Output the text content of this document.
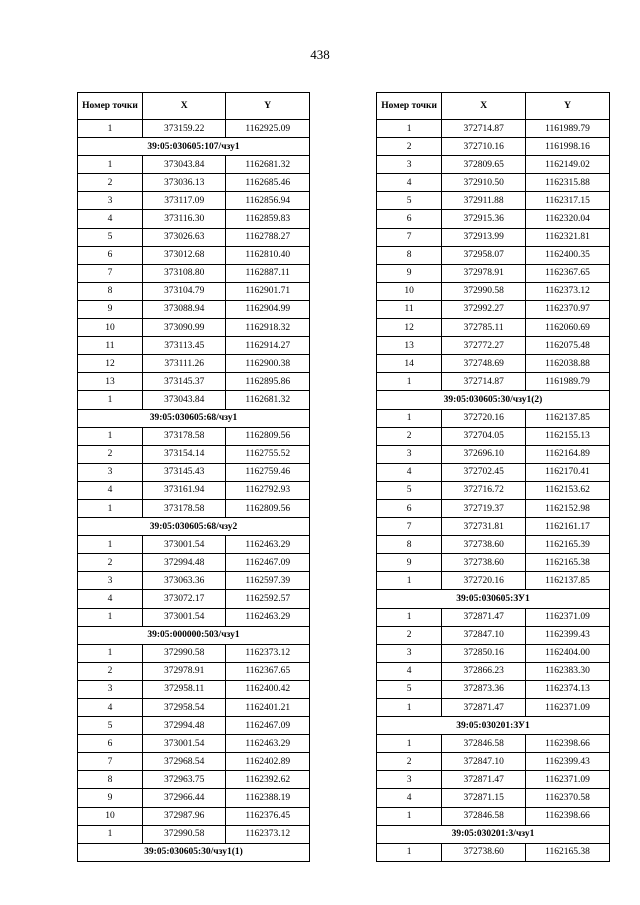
438
Номер точки	X	Y
1	373159.22	1162925.09
39:05:030605:107/чзу1		
1	373043.84	1162681.32
2	373036.13	1162685.46
3	373117.09	1162856.94
4	373116.30	1162859.83
5	373026.63	1162788.27
6	373012.68	1162810.40
7	373108.80	1162887.11
8	373104.79	1162901.71
9	373088.94	1162904.99
10	373090.99	1162918.32
11	373113.45	1162914.27
12	373111.26	1162900.38
13	373145.37	1162895.86
1	373043.84	1162681.32
39:05:030605:68/чзу1		
1	373178.58	1162809.56
2	373154.14	1162755.52
3	373145.43	1162759.46
4	373161.94	1162792.93
1	373178.58	1162809.56
39:05:030605:68/чзу2		
1	373001.54	1162463.29
2	372994.48	1162467.09
3	373063.36	1162597.39
4	373072.17	1162592.57
1	373001.54	1162463.29
39:05:000000:503/чзу1		
1	372990.58	1162373.12
2	372978.91	1162367.65
3	372958.11	1162400.42
4	372958.54	1162401.21
5	372994.48	1162467.09
6	373001.54	1162463.29
7	372968.54	1162402.89
8	372963.75	1162392.62
9	372966.44	1162388.19
10	372987.96	1162376.45
1	372990.58	1162373.12
39:05:030605:30/чзу1(1)		
Номер точки	X	Y
1	372714.87	1161989.79
2	372710.16	1161998.16
3	372809.65	1162149.02
4	372910.50	1162315.88
5	372911.88	1162317.15
6	372915.36	1162320.04
7	372913.99	1162321.81
8	372958.07	1162400.35
9	372978.91	1162367.65
10	372990.58	1162373.12
11	372992.27	1162370.97
12	372785.11	1162060.69
13	372772.27	1162075.48
14	372748.69	1162038.88
1	372714.87	1161989.79
39:05:030605:30/чзу1(2)		
1	372720.16	1162137.85
2	372704.05	1162155.13
3	372696.10	1162164.89
4	372702.45	1162170.41
5	372716.72	1162153.62
6	372719.37	1162152.98
7	372731.81	1162161.17
8	372738.60	1162165.39
9	372738.60	1162165.38
1	372720.16	1162137.85
39:05:030605:ЗУ1		
1	372871.47	1162371.09
2	372847.10	1162399.43
3	372850.16	1162404.00
4	372866.23	1162383.30
5	372873.36	1162374.13
1	372871.47	1162371.09
39:05:030201:ЗУ1		
1	372846.58	1162398.66
2	372847.10	1162399.43
3	372871.47	1162371.09
4	372871.15	1162370.58
1	372846.58	1162398.66
39:05:030201:3/чзу1		
1	372738.60	1162165.38
